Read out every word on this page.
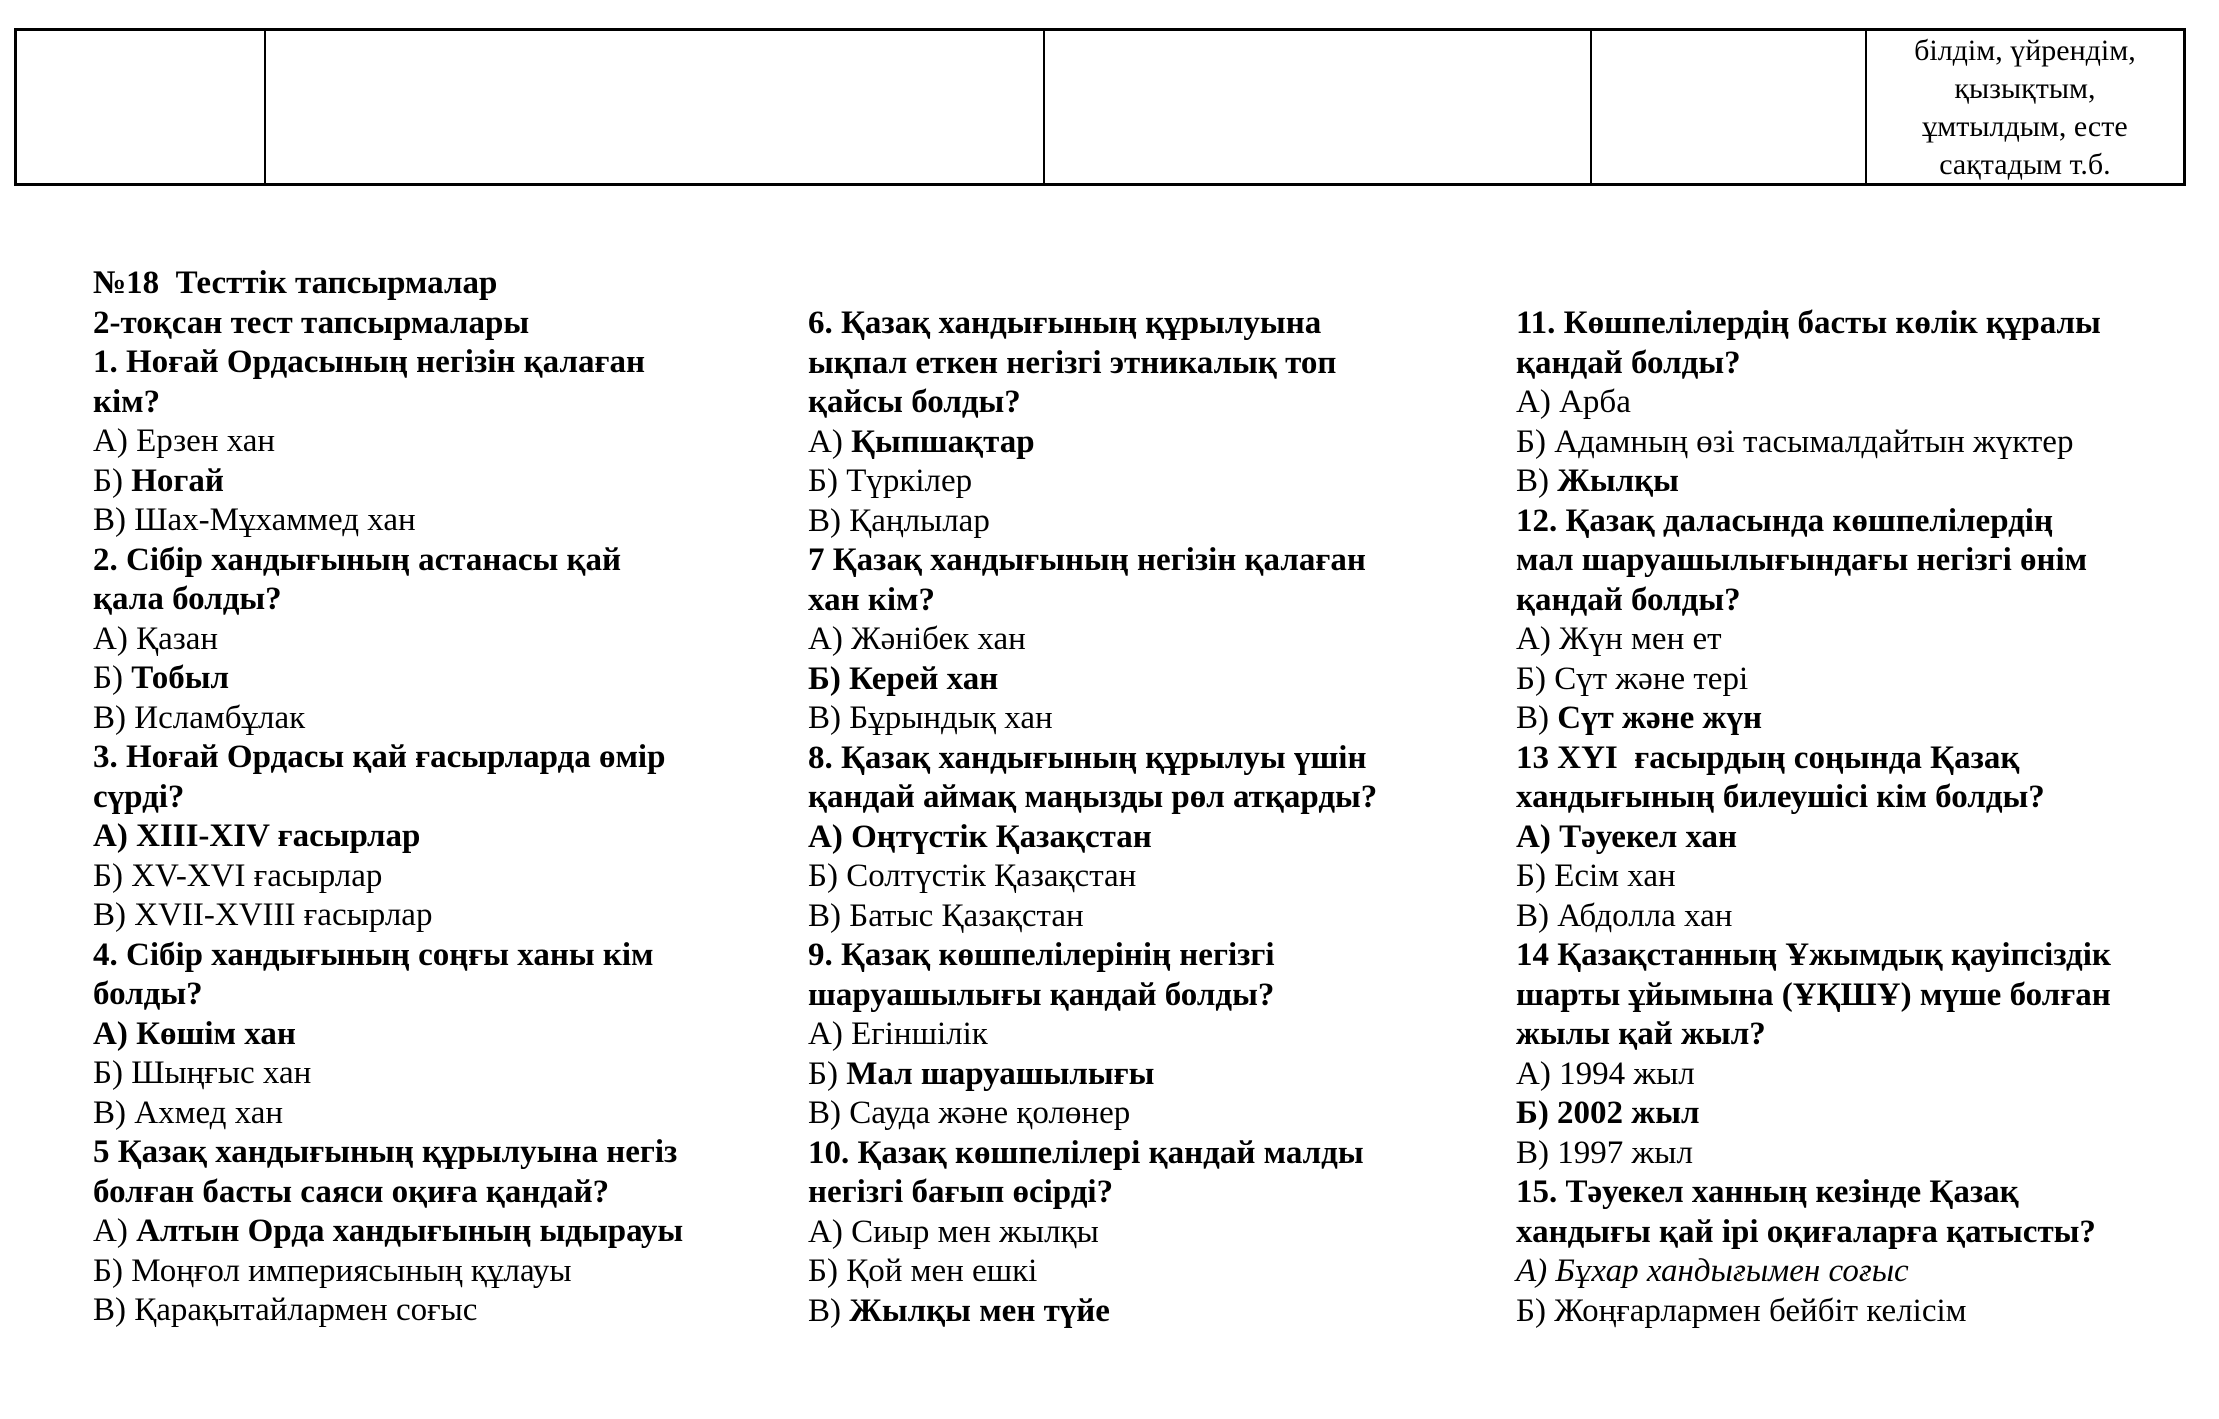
білдім, үйрендім,
қызықтым,
ұмтылдым, есте
сақтадым т.б.
№18  Тесттік тапсырмалар
2-тоқсан тест тапсырмалары
1. Ноғай Ордасының негізін қалаған
кім?
А) Ерзен хан
Б) Ногай
В) Шах-Мұхаммед хан
2. Сібір хандығының астанасы қай
қала болды?
А) Қазан
Б) Тобыл
В) Исламбұлак
3. Ноғай Ордасы қай ғасырларда өмір
сүрді?
А) XIII-XIV ғасырлар
Б) XV-XVI ғасырлар
В) XVII-XVIII ғасырлар
4. Сібір хандығының соңғы ханы кім
болды?
А) Көшім хан
Б) Шыңғыс хан
В) Ахмед хан
5 Қазақ хандығының құрылуына негіз
болған басты саяси оқиға қандай?
А) Алтын Орда хандығының ыдырауы
Б) Моңғол империясының құлауы
В) Қарақытайлармен соғыс
6. Қазақ хандығының құрылуына
ықпал еткен негізгі этникалық топ
қайсы болды?
А) Қыпшақтар
Б) Түркілер
В) Қаңлылар
7 Қазақ хандығының негізін қалаған
хан кім?
А) Жәнібек хан
Б) Керей хан
В) Бұрындық хан
8. Қазақ хандығының құрылуы үшін
қандай аймақ маңызды рөл атқарды?
А) Оңтүстік Қазақстан
Б) Солтүстік Қазақстан
В) Батыс Қазақстан
9. Қазақ көшпелілерінің негізгі
шаруашылығы қандай болды?
А) Егіншілік
Б) Мал шаруашылығы
В) Сауда және қолөнер
10. Қазақ көшпелілері қандай малды
негізгі бағып өсірді?
А) Сиыр мен жылқы
Б) Қой мен ешкі
В) Жылқы мен түйе
11. Көшпелілердің басты көлік құралы
қандай болды?
А) Арба
Б) Адамның өзі тасымалдайтын жүктер
В) Жылқы
12. Қазақ даласында көшпелілердің
мал шаруашылығындағы негізгі өнім
қандай болды?
А) Жүн мен ет
Б) Сүт және тері
В) Сүт және жүн
13 XYI  ғасырдың соңында Қазақ
хандығының билеушісі кім болды?
А) Тәуекел хан
Б) Есім хан
В) Абдолла хан
14 Қазақстанның Ұжымдық қауіпсіздік
шарты ұйымына (ҰҚШҰ) мүше болған
жылы қай жыл?
А) 1994 жыл
Б) 2002 жыл
В) 1997 жыл
15. Тәуекел ханның кезінде Қазақ
хандығы қай ірі оқиғаларға қатысты?
А) Бұхар хандығымен соғыс
Б) Жоңғарлармен бейбіт келісім
